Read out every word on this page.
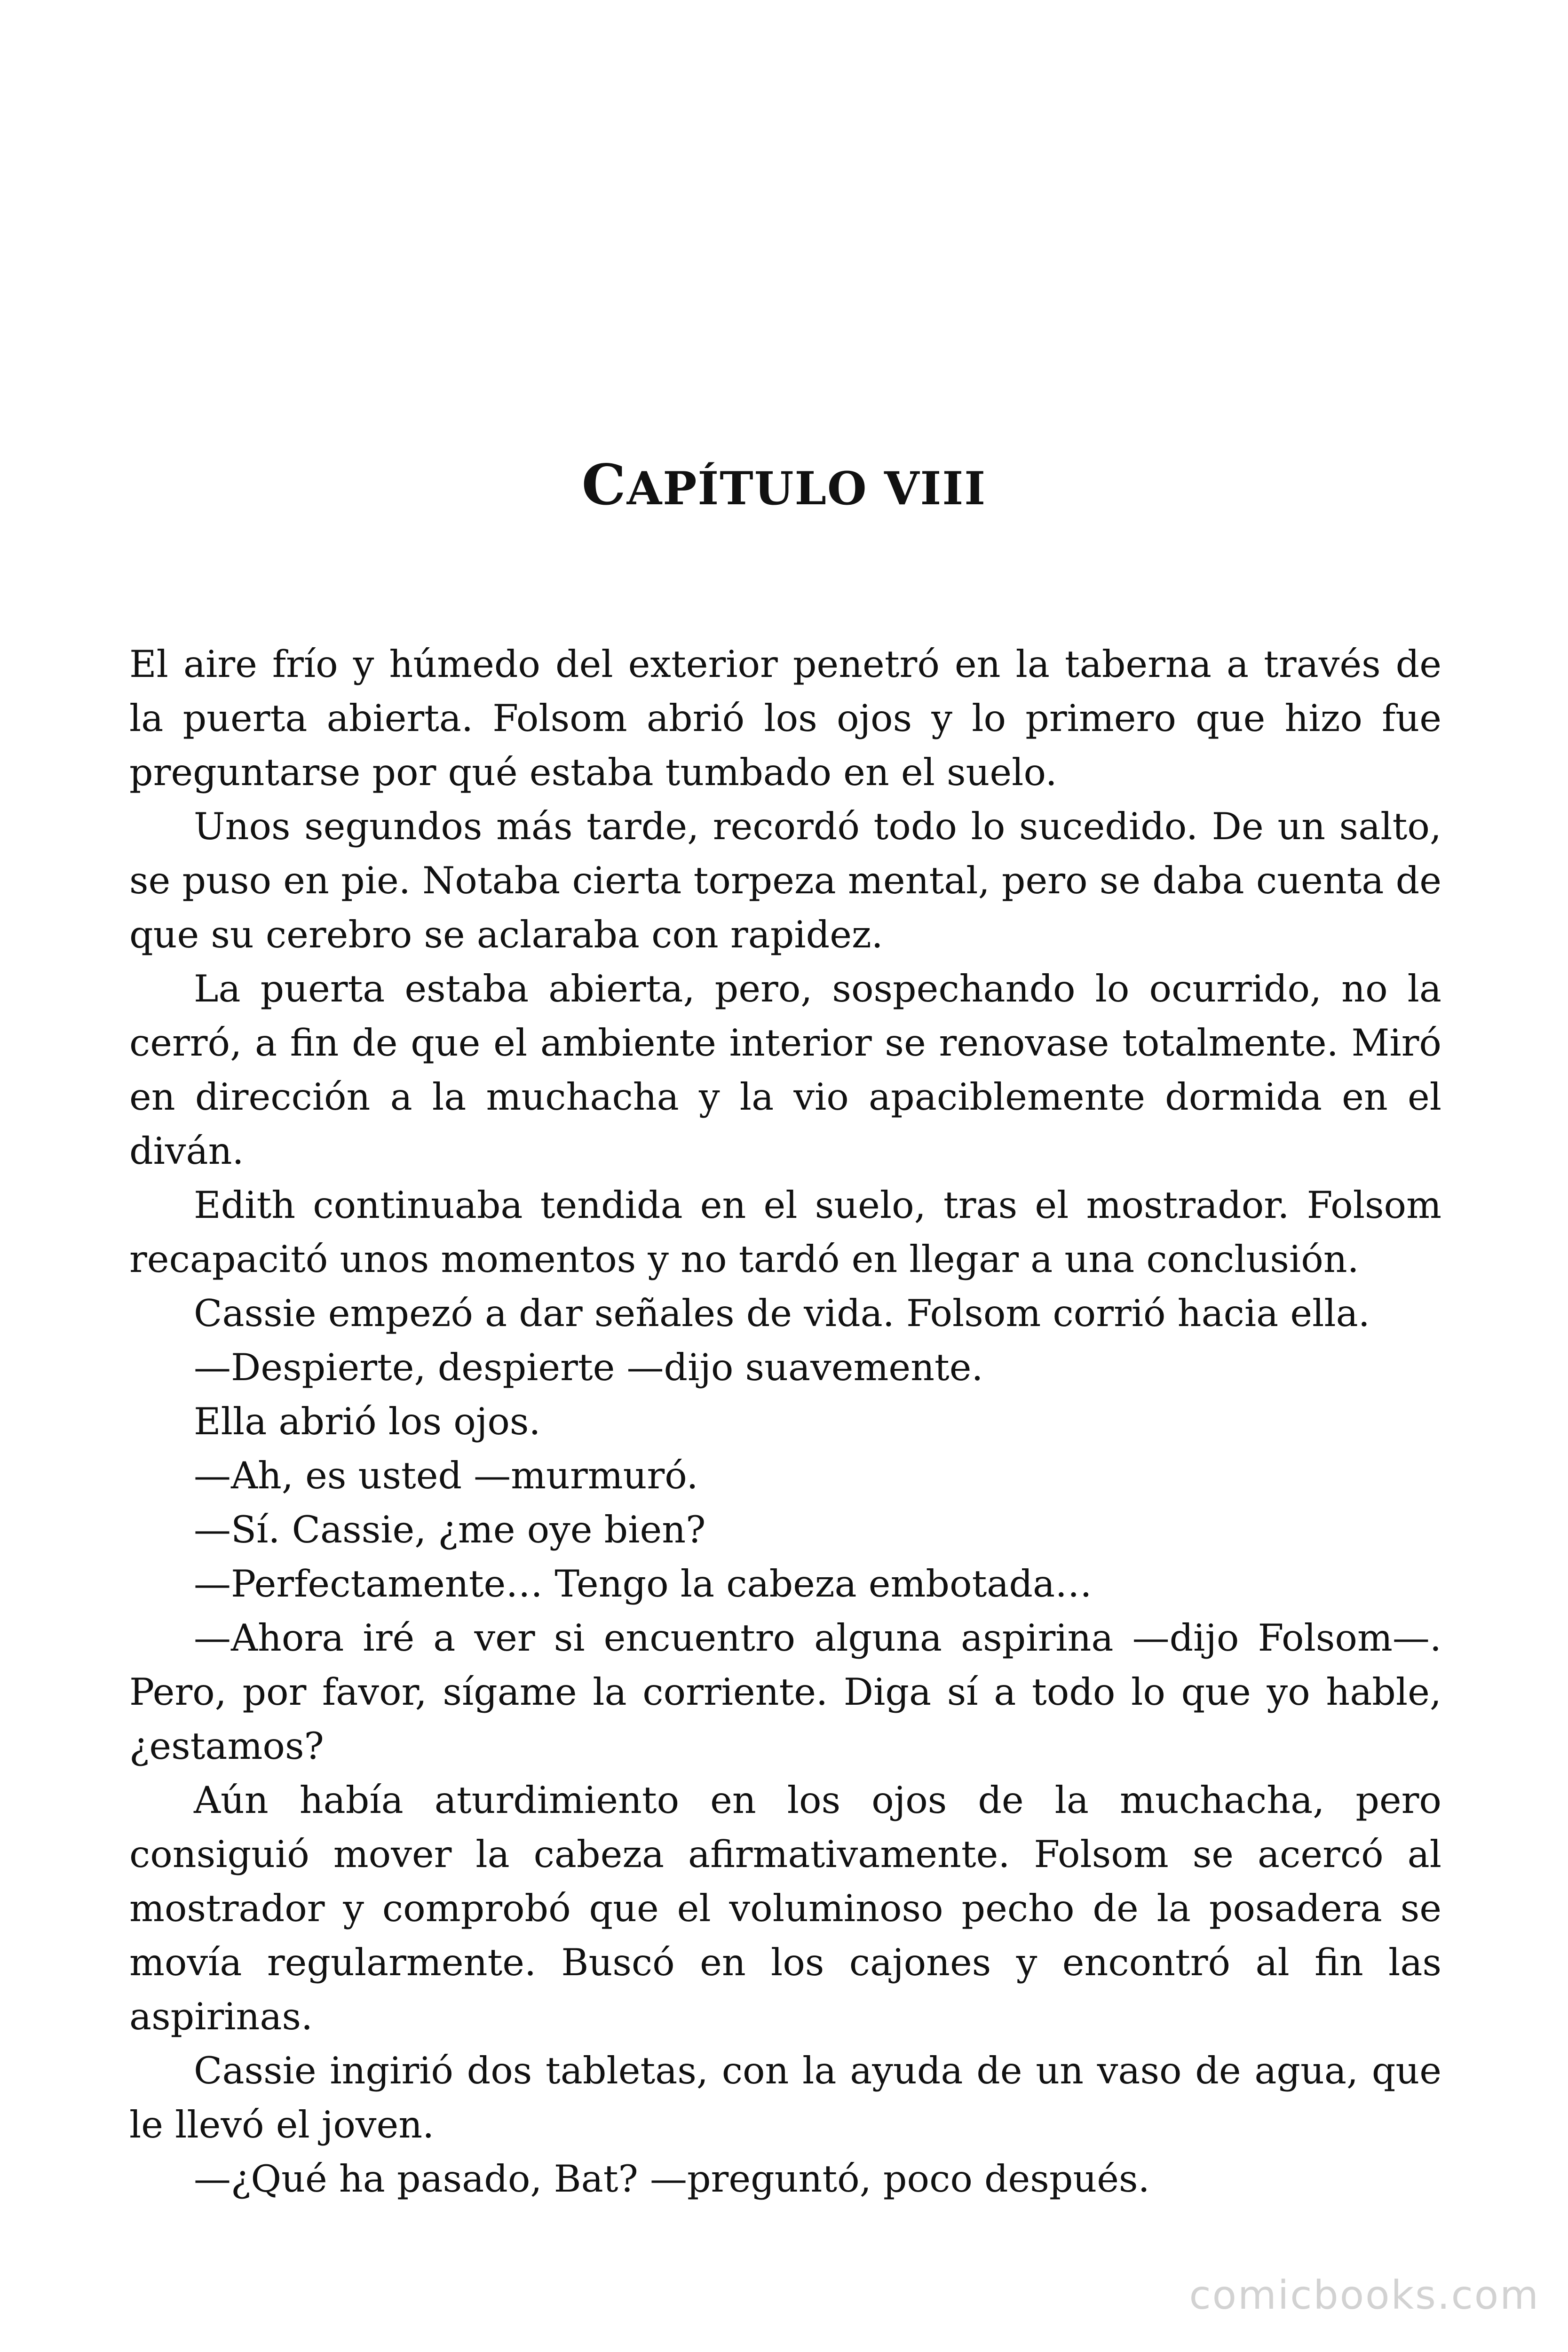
CAPÍTULO VIII

El aire frío y húmedo del exterior penetró en la taberna a través de la puerta abierta. Folsom abrió los ojos y lo primero que hizo fue preguntarse por qué estaba tumbado en el suelo.

Unos segundos más tarde, recordó todo lo sucedido. De un salto, se puso en pie. Notaba cierta torpeza mental, pero se daba cuenta de que su cerebro se aclaraba con rapidez.

La puerta estaba abierta, pero, sospechando lo ocurrido, no la cerró, a fin de que el ambiente interior se renovase totalmente. Miró en dirección a la muchacha y la vio apaciblemente dormida en el diván.

Edith continuaba tendida en el suelo, tras el mostrador. Folsom recapacitó unos momentos y no tardó en llegar a una conclusión.

Cassie empezó a dar señales de vida. Folsom corrió hacia ella.

—Despierte, despierte —dijo suavemente.

Ella abrió los ojos.

—Ah, es usted —murmuró.

—Sí. Cassie, ¿me oye bien?

—Perfectamente… Tengo la cabeza embotada…

—Ahora iré a ver si encuentro alguna aspirina —dijo Folsom—. Pero, por favor, sígame la corriente. Diga sí a todo lo que yo hable, ¿estamos?

Aún había aturdimiento en los ojos de la muchacha, pero consiguió mover la cabeza afirmativamente. Folsom se acercó al mostrador y comprobó que el voluminoso pecho de la posadera se movía regularmente. Buscó en los cajones y encontró al fin las aspirinas.

Cassie ingirió dos tabletas, con la ayuda de un vaso de agua, que le llevó el joven.

—¿Qué ha pasado, Bat? —preguntó, poco después.

comicbooks.com
